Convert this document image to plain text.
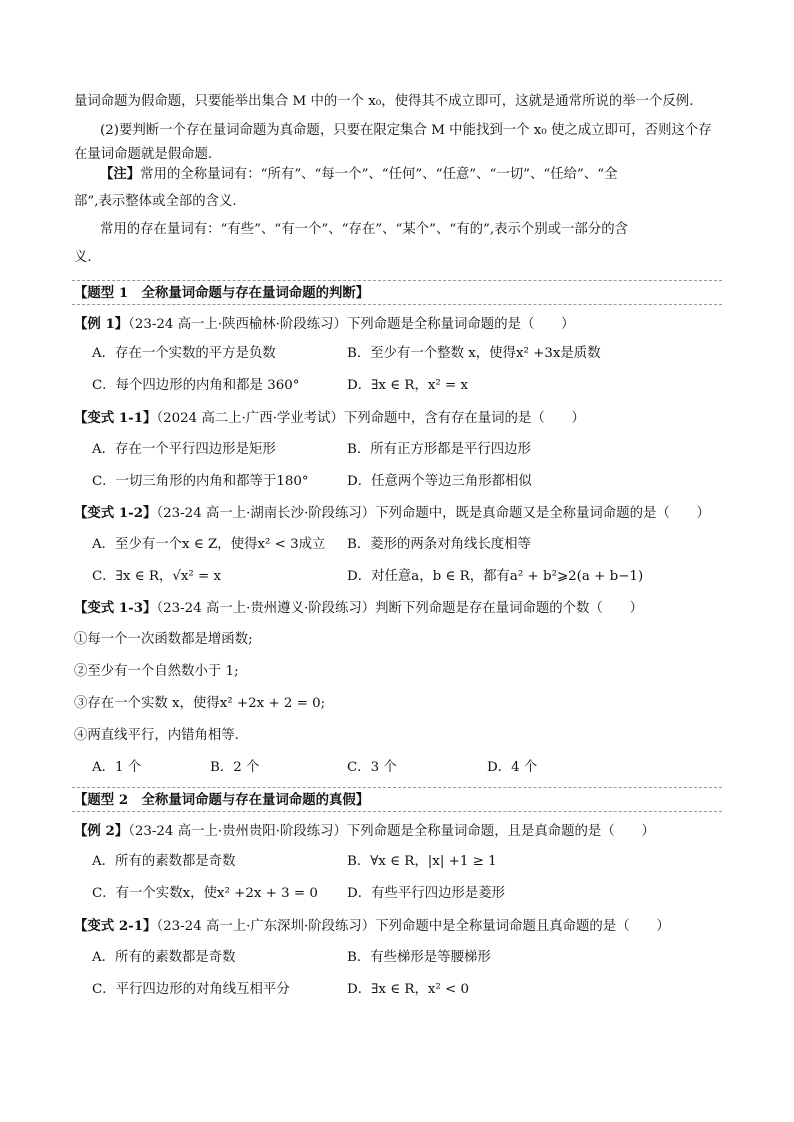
量词命题为假命题，只要能举出集合 M 中的一个 x₀，使得其不成立即可，这就是通常所说的举一个反例.
(2)要判断一个存在量词命题为真命题，只要在限定集合 M 中能找到一个 x₀ 使之成立即可，否则这个存
在量词命题就是假命题.
【注】常用的全称量词有：“所有”、“每一个”、“任何”、“任意”、“一切”、“任给”、“全
部”,表示整体或全部的含义.
常用的存在量词有：“有些”、“有一个”、“存在”、“某个”、“有的”,表示个别或一部分的含
义.
【题型 1　全称量词命题与存在量词命题的判断】
【例 1】（23-24 高一上·陕西榆林·阶段练习）下列命题是全称量词命题的是（　　）
A．存在一个实数的平方是负数	B．至少有一个整数 x，使得x² +3x是质数
C．每个四边形的内角和都是 360°	D．∃x ∈ R，x² = x
【变式 1-1】（2024 高二上·广西·学业考试）下列命题中，含有存在量词的是（　　）
A．存在一个平行四边形是矩形	B．所有正方形都是平行四边形
C．一切三角形的内角和都等于180°	D．任意两个等边三角形都相似
【变式 1-2】（23-24 高一上·湖南长沙·阶段练习）下列命题中，既是真命题又是全称量词命题的是（　　）
A．至少有一个x ∈ Z，使得x² < 3成立 B．菱形的两条对角线长度相等
C．∃x ∈ R，√x² = x	D．对任意a，b ∈ R，都有a² + b²⩾2(a + b−1)
【变式 1-3】（23-24 高一上·贵州遵义·阶段练习）判断下列命题是存在量词命题的个数（　　）
①每一个一次函数都是增函数;
②至少有一个自然数小于 1;
③存在一个实数 x，使得x² +2x + 2 = 0;
④两直线平行，内错角相等.
A．1 个	B．2 个	C．3 个	D．4 个
【题型 2　全称量词命题与存在量词命题的真假】
【例 2】（23-24 高一上·贵州贵阳·阶段练习）下列命题是全称量词命题，且是真命题的是（　　）
A．所有的素数都是奇数	B．∀x ∈ R，|x| +1 ≥ 1
C．有一个实数x，使x² +2x + 3 = 0 D．有些平行四边形是菱形
【变式 2-1】（23-24 高一上·广东深圳·阶段练习）下列命题中是全称量词命题且真命题的是（　　）
A．所有的素数都是奇数	B．有些梯形是等腰梯形
C．平行四边形的对角线互相平分	D．∃x ∈ R，x² < 0
